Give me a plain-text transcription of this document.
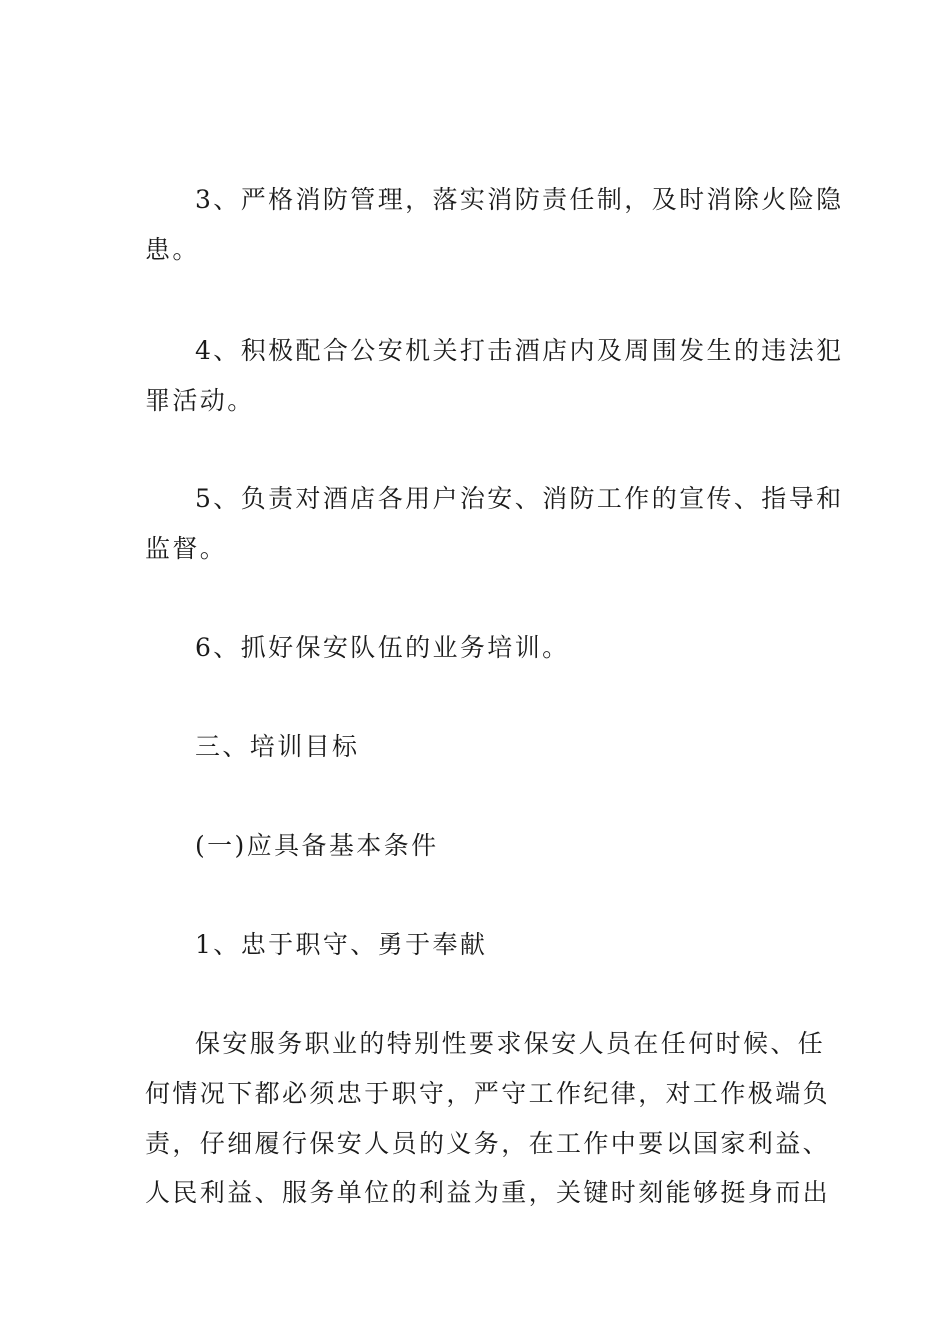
3、严格消防管理，落实消防责任制，及时消除火险隐
患。
4、积极配合公安机关打击酒店内及周围发生的违法犯
罪活动。
5、负责对酒店各用户治安、消防工作的宣传、指导和
监督。
6、抓好保安队伍的业务培训。
三、培训目标
(一)应具备基本条件
1、忠于职守、勇于奉献
保安服务职业的特别性要求保安人员在任何时候、任
何情况下都必须忠于职守，严守工作纪律，对工作极端负
责，仔细履行保安人员的义务，在工作中要以国家利益、
人民利益、服务单位的利益为重，关键时刻能够挺身而出
